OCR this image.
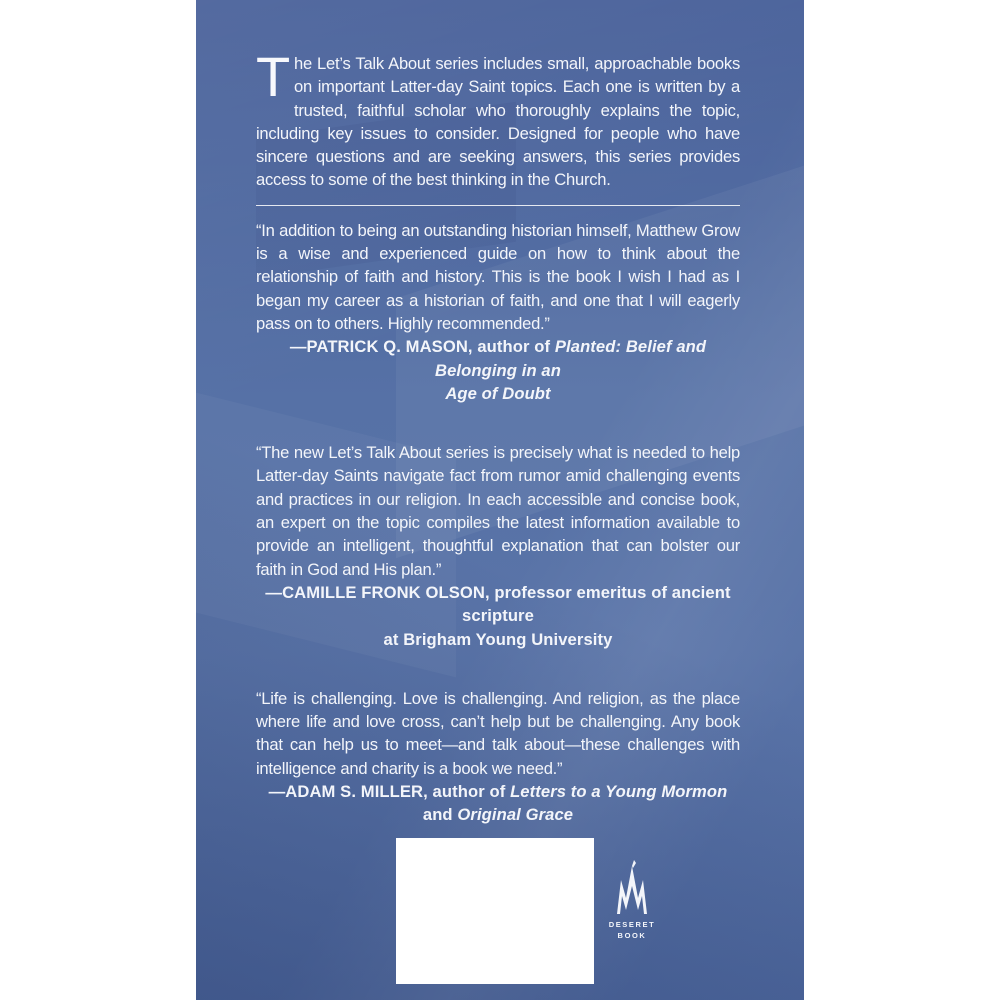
The Let’s Talk About series includes small, approachable books on important Latter-day Saint topics. Each one is written by a trusted, faithful scholar who thoroughly explains the topic, including key issues to consider. Designed for people who have sincere questions and are seeking answers, this series provides access to some of the best thinking in the Church.

“In addition to being an outstanding historian himself, Matthew Grow is a wise and experienced guide on how to think about the relationship of faith and history. This is the book I wish I had as I began my career as a historian of faith, and one that I will eagerly pass on to others. Highly recommended.”

—PATRICK Q. MASON, author of Planted: Belief and Belonging in an
Age of Doubt

“The new Let’s Talk About series is precisely what is needed to help Latter-day Saints navigate fact from rumor amid challenging events and practices in our religion. In each accessible and concise book, an expert on the topic compiles the latest information available to provide an intelligent, thoughtful explanation that can bolster our faith in God and His plan.”

—CAMILLE FRONK OLSON, professor emeritus of ancient scripture
at Brigham Young University

“Life is challenging. Love is challenging. And religion, as the place where life and love cross, can’t help but be challenging. Any book that can help us to meet—and talk about—these challenges with intelligence and charity is a book we need.”

—ADAM S. MILLER, author of Letters to a Young Mormon
and Original Grace

DESERET
BOOK
